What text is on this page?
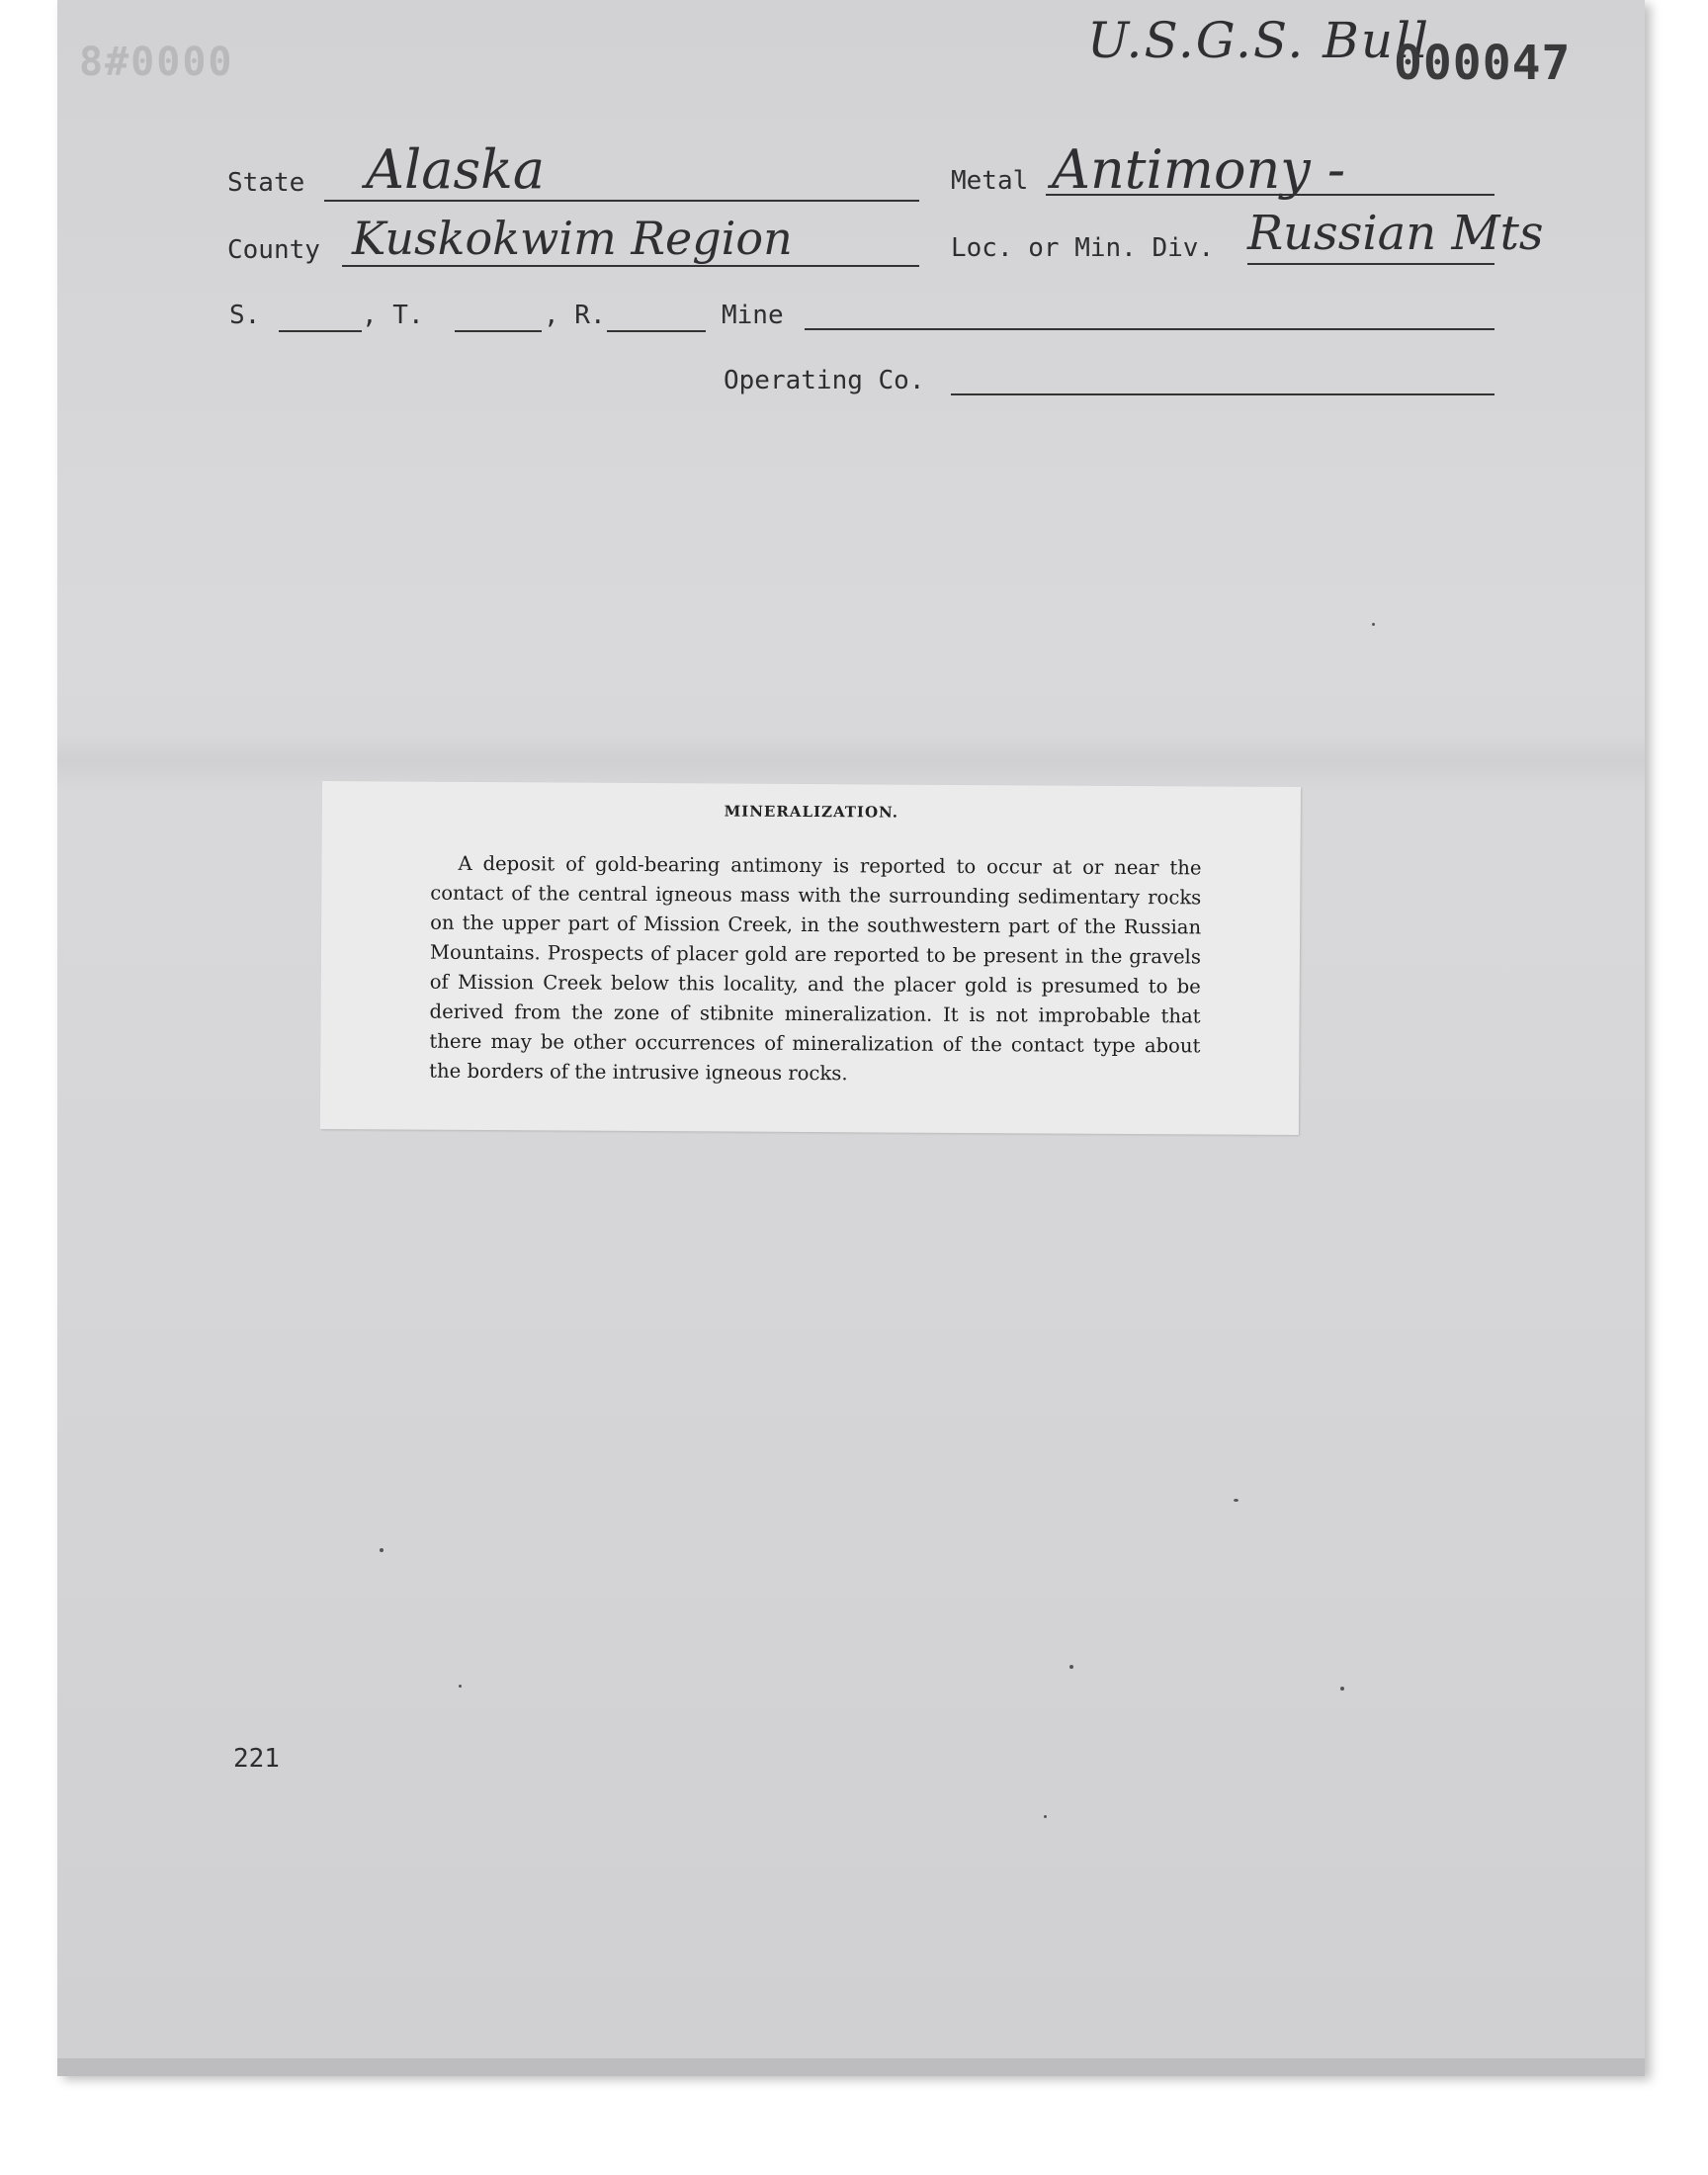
8#0000	U.S.G.S. Bull
000047
State Alaska	Metal Antimony -
County Kuskokwim Region	Loc. or Min. Div. Russian Mts
S.	, T.	, R.	Mine
Operating Co.
MINERALIZATION.
A deposit of gold-bearing antimony is reported to occur at or near the contact of the central igneous mass with the surrounding sedimentary rocks on the upper part of Mission Creek, in the southwestern part of the Russian Mountains. Prospects of placer gold are reported to be present in the gravels of Mission Creek below this locality, and the placer gold is presumed to be derived from the zone of stibnite mineralization. It is not improbable that there may be other occurrences of mineralization of the contact type about the borders of the intrusive igneous rocks.
221
